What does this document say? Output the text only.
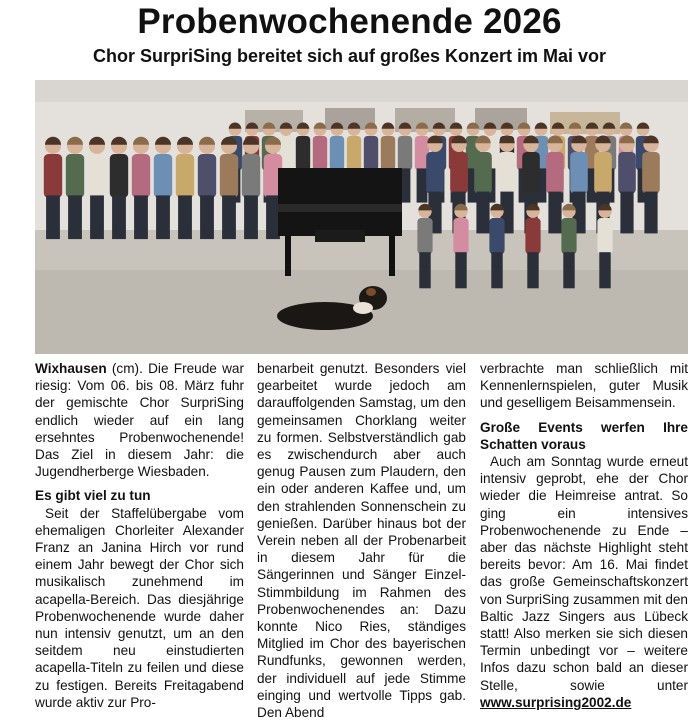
Probenwochenende 2026
Chor SurpriSing bereitet sich auf großes Konzert im Mai vor

Wixhausen (cm). Die Freude war riesig: Vom 06. bis 08. März fuhr der gemischte Chor SurpriSing endlich wieder auf ein lang ersehntes Probenwochenende! Das Ziel in diesem Jahr: die Jugendherberge Wiesbaden.

Es gibt viel zu tun

Seit der Staffelübergabe vom ehemaligen Chorleiter Alexander Franz an Janina Hirch vor rund einem Jahr bewegt der Chor sich musikalisch zunehmend im acapella-Bereich. Das diesjährige Probenwochenende wurde daher nun intensiv genutzt, um an den seitdem neu einstudierten acapella-Titeln zu feilen und diese zu festigen. Bereits Freitagabend wurde aktiv zur Pro-

benarbeit genutzt. Besonders viel gearbeitet wurde jedoch am darauffolgenden Samstag, um den gemeinsamen Chorklang weiter zu formen. Selbstverständlich gab es zwischendurch aber auch genug Pausen zum Plaudern, den ein oder anderen Kaffee und, um den strahlenden Sonnenschein zu genießen. Darüber hinaus bot der Verein neben all der Probenarbeit in diesem Jahr für die Sängerinnen und Sänger Einzel-Stimmbildung im Rahmen des Probenwochenendes an: Dazu konnte Nico Ries, ständiges Mitglied im Chor des bayerischen Rundfunks, gewonnen werden, der individuell auf jede Stimme einging und wertvolle Tipps gab. Den Abend

verbrachte man schließlich mit Kennenlernspielen, guter Musik und geselligem Beisammensein.

Große Events werfen Ihre Schatten voraus

Auch am Sonntag wurde erneut intensiv geprobt, ehe der Chor wieder die Heimreise antrat. So ging ein intensives Probenwochenende zu Ende – aber das nächste Highlight steht bereits bevor: Am 16. Mai findet das große Gemeinschaftskonzert von SurpriSing zusammen mit den Baltic Jazz Singers aus Lübeck statt! Also merken sie sich diesen Termin unbedingt vor – weitere Infos dazu schon bald an dieser Stelle, sowie unter www.surprising2002.de
